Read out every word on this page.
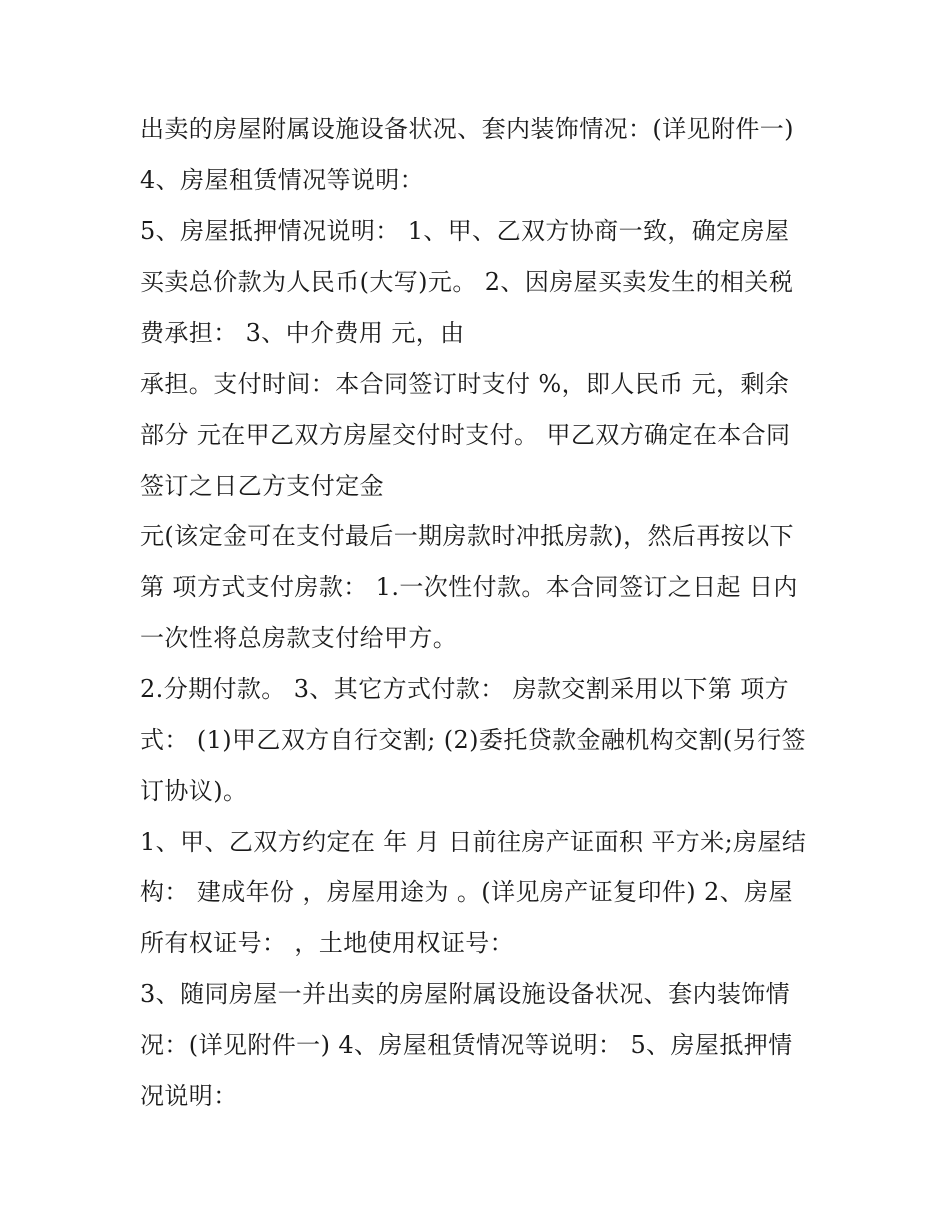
出卖的房屋附属设施设备状况、套内装饰情况：(详见附件一)
4、房屋租赁情况等说明：
5、房屋抵押情况说明： 1、甲、乙双方协商一致，确定房屋
买卖总价款为人民币(大写)元。 2、因房屋买卖发生的相关税
费承担： 3、中介费用 元，由
承担。支付时间：本合同签订时支付 %，即人民币 元，剩余
部分 元在甲乙双方房屋交付时支付。 甲乙双方确定在本合同
签订之日乙方支付定金
元(该定金可在支付最后一期房款时冲抵房款)，然后再按以下
第 项方式支付房款： 1.一次性付款。本合同签订之日起 日内
一次性将总房款支付给甲方。
2.分期付款。 3、其它方式付款： 房款交割采用以下第 项方
式： (1)甲乙双方自行交割; (2)委托贷款金融机构交割(另行签
订协议)。
1、甲、乙双方约定在 年 月 日前往房产证面积 平方米;房屋结
构： 建成年份 ，房屋用途为 。(详见房产证复印件) 2、房屋
所有权证号： ，土地使用权证号：
3、随同房屋一并出卖的房屋附属设施设备状况、套内装饰情
况：(详见附件一) 4、房屋租赁情况等说明： 5、房屋抵押情
况说明：
